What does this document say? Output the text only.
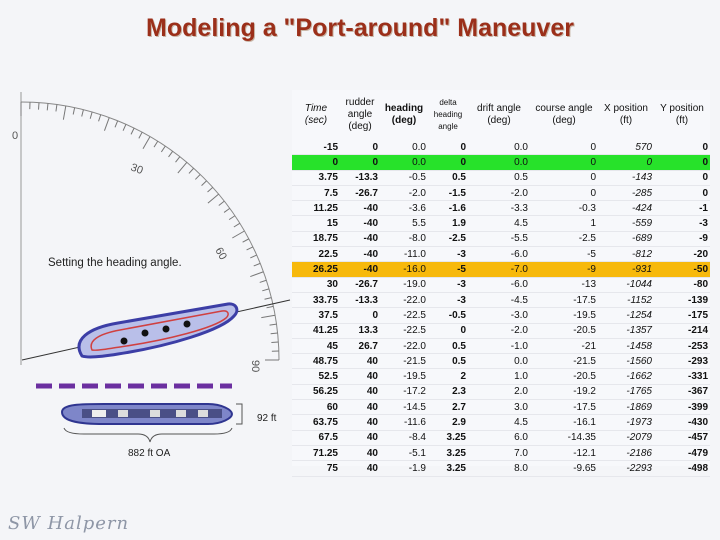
Modeling a "Port-around" Maneuver
0
30
60
90
92 ft
882 ft OA
Setting the heading angle.
Time
(sec)	rudder
angle
(deg)	heading
(deg)	delta
heading
angle	drift angle
(deg)	course angle
(deg)	X position
(ft)	Y position
(ft)
-15	0	0.0	0	0.0	0	570	0
0	0	0.0	0	0.0	0	0	0
3.75	-13.3	-0.5	0.5	0.5	0	-143	0
7.5	-26.7	-2.0	-1.5	-2.0	0	-285	0
11.25	-40	-3.6	-1.6	-3.3	-0.3	-424	-1
15	-40	5.5	1.9	4.5	1	-559	-3
18.75	-40	-8.0	-2.5	-5.5	-2.5	-689	-9
22.5	-40	-11.0	-3	-6.0	-5	-812	-20
26.25	-40	-16.0	-5	-7.0	-9	-931	-50
30	-26.7	-19.0	-3	-6.0	-13	-1044	-80
33.75	-13.3	-22.0	-3	-4.5	-17.5	-1152	-139
37.5	0	-22.5	-0.5	-3.0	-19.5	-1254	-175
41.25	13.3	-22.5	0	-2.0	-20.5	-1357	-214
45	26.7	-22.0	0.5	-1.0	-21	-1458	-253
48.75	40	-21.5	0.5	0.0	-21.5	-1560	-293
52.5	40	-19.5	2	1.0	-20.5	-1662	-331
56.25	40	-17.2	2.3	2.0	-19.2	-1765	-367
60	40	-14.5	2.7	3.0	-17.5	-1869	-399
63.75	40	-11.6	2.9	4.5	-16.1	-1973	-430
67.5	40	-8.4	3.25	6.0	-14.35	-2079	-457
71.25	40	-5.1	3.25	7.0	-12.1	-2186	-479
75	40	-1.9	3.25	8.0	-9.65	-2293	-498
SW Halpern
